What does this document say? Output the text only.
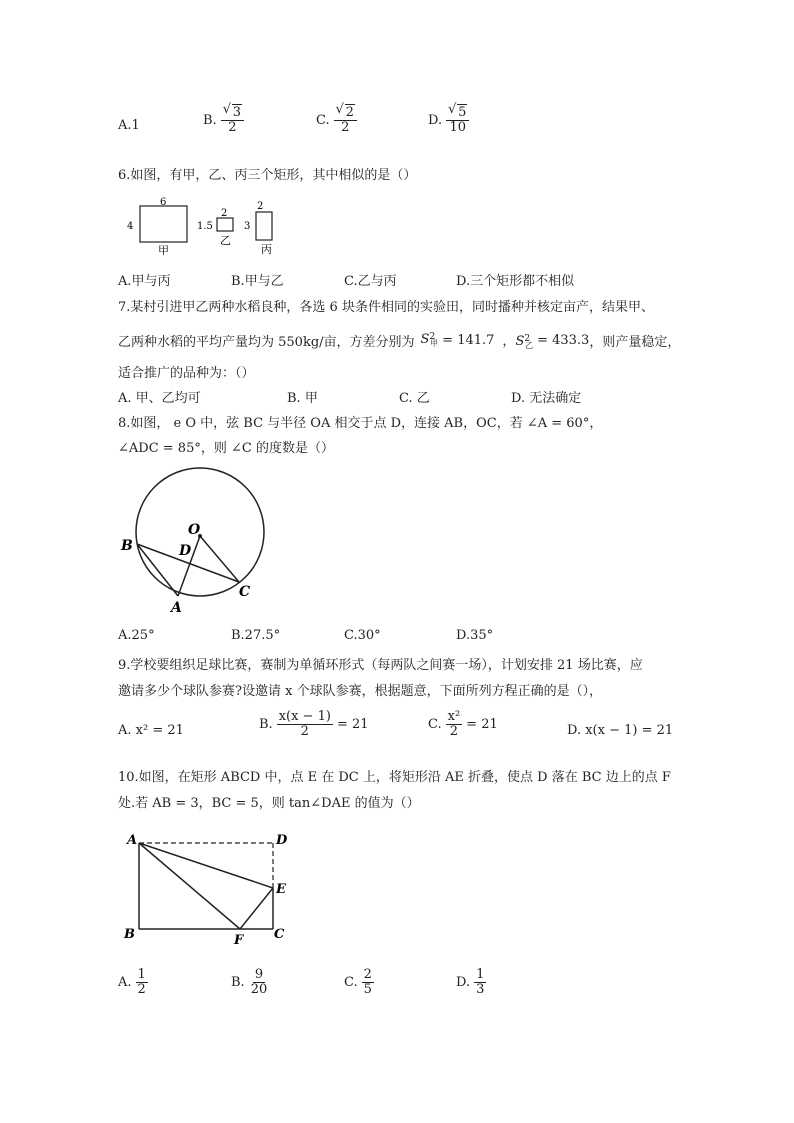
A.1	B. √ $\frac{3}{2}$	C. √ $\frac{2}{2}$	D. √ $\frac{5}{10}$
6.如图，有甲，乙、丙三个矩形，其中相似的是（）
6
4
甲
2
1.5
乙
2
3
丙
A.甲与丙	B.甲与乙	C.乙与丙	D.三个矩形都不相似
7.某村引进甲乙两种水稻良种，各选 6 块条件相同的实验田，同时播种并核定亩产，结果甲、
乙两种水稻的平均产量均为 550kg/亩，方差分别为 $S^2_甲 = 141.7$ ，$S^2_乙 = 433.3$ ，则产量稳定，
适合推广的品种为：（）
A. 甲、乙均可	B. 甲	C. 乙	D. 无法确定
8.如图， e O 中，弦 BC 与半径 OA 相交于点 D，连接 AB，OC，若 ∠A = 60°，
∠ADC = 85°，则 ∠C 的度数是（）
O
B	D
A
C
A.25°	B.27.5°	C.30°	D.35°
9.学校要组织足球比赛，赛制为单循环形式（每两队之间赛一场），计划安排 21 场比赛，应
邀请多少个球队参赛?设邀请 x 个球队参赛，根据题意，下面所列方程正确的是（），
A. x² = 21	B. $\frac{x(x - 1)}{2} = 21$	C. $\frac{\text{x²}}{2} = 21$	D. x(x − 1) = 21
10.如图，在矩形 ABCD 中，点 E 在 DC 上，将矩形沿 AE 折叠，使点 D 落在 BC 边上的点 F
处.若 AB = 3，BC = 5，则 tan∠DAE 的值为（）
A	D
E
B	F C
A. $\frac{1}{2}$	B. $\frac{9}{20}$	C. $\frac{2}{5}$	D. $\frac{1}{3}$
